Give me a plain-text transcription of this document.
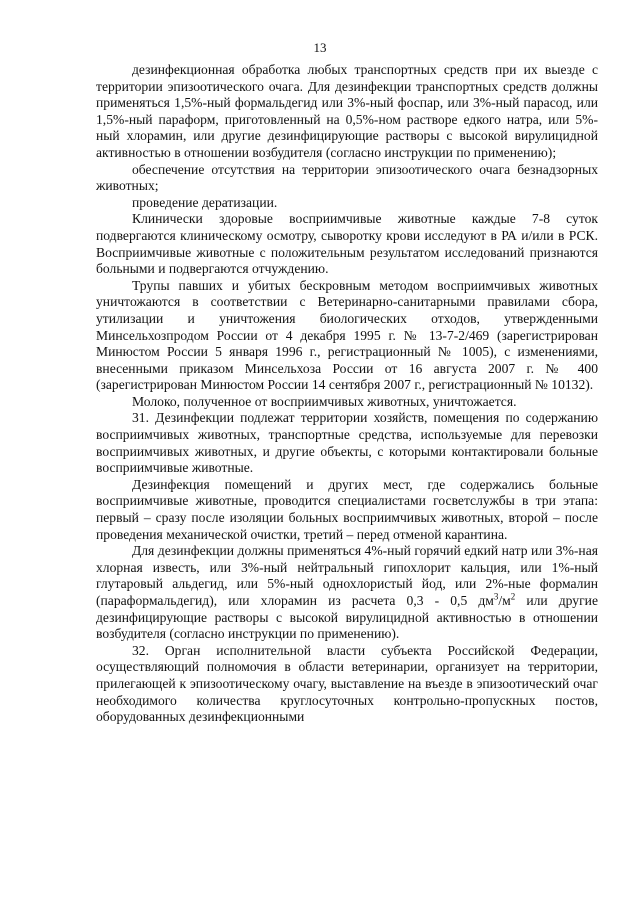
13

дезинфекционная обработка любых транспортных средств при их выезде с территории эпизоотического очага. Для дезинфекции транспортных средств должны применяться 1,5%-ный формальдегид или 3%-ный фоспар, или 3%-ный парасод, или 1,5%-ный параформ, приготовленный на 0,5%-ном растворе едкого натра, или 5%-ный хлорамин, или другие дезинфицирующие растворы с высокой вирулицидной активностью в отношении возбудителя (согласно инструкции по применению);

обеспечение отсутствия на территории эпизоотического очага безнадзорных животных;

проведение дератизации.

Клинически здоровые восприимчивые животные каждые 7-8 суток подвергаются клиническому осмотру, сыворотку крови исследуют в РА и/или в РСК. Восприимчивые животные с положительным результатом исследований признаются больными и подвергаются отчуждению.

Трупы павших и убитых бескровным методом восприимчивых животных уничтожаются в соответствии с Ветеринарно-санитарными правилами сбора, утилизации и уничтожения биологических отходов, утвержденными Минсельхозпродом России от 4 декабря 1995 г. № 13-7-2/469 (зарегистрирован Минюстом России 5 января 1996 г., регистрационный № 1005), с изменениями, внесенными приказом Минсельхоза России от 16 августа 2007 г. № 400 (зарегистрирован Минюстом России 14 сентября 2007 г., регистрационный № 10132).

Молоко, полученное от восприимчивых животных, уничтожается.

31. Дезинфекции подлежат территории хозяйств, помещения по содержанию восприимчивых животных, транспортные средства, используемые для перевозки восприимчивых животных, и другие объекты, с которыми контактировали больные восприимчивые животные.

Дезинфекция помещений и других мест, где содержались больные восприимчивые животные, проводится специалистами госветслужбы в три этапа: первый – сразу после изоляции больных восприимчивых животных, второй – после проведения механической очистки, третий – перед отменой карантина.

Для дезинфекции должны применяться 4%-ный горячий едкий натр или 3%-ная хлорная известь, или 3%-ный нейтральный гипохлорит кальция, или 1%-ный глутаровый альдегид, или 5%-ный однохлористый йод, или 2%-ные формалин (параформальдегид), или хлорамин из расчета 0,3 - 0,5 $дм^3/м^2$ или другие дезинфицирующие растворы с высокой вирулицидной активностью в отношении возбудителя (согласно инструкции по применению).

32. Орган исполнительной власти субъекта Российской Федерации, осуществляющий полномочия в области ветеринарии, организует на территории, прилегающей к эпизоотическому очагу, выставление на въезде в эпизоотический очаг необходимого количества круглосуточных контрольно-пропускных постов, оборудованных дезинфекционными
